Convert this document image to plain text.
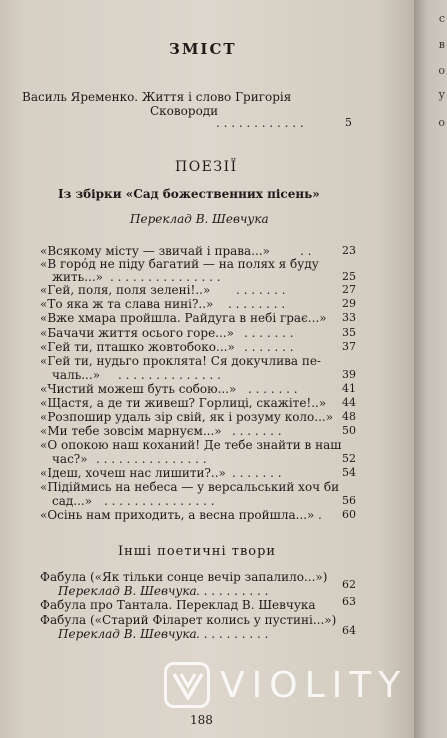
ЗМІСТ
Василь Яременко. Життя і слово Григорія
Сковороди
. . . . . . . . . . . .	5
ПОЕЗІЇ
Із збірки «Сад божественних пісень»
Переклад В. Шевчука
«Всякому місту — звичай і права...»	. .	23
«В горόд не піду багатий — на полях я буду
жить...» . . . . . . . . . . . . . . .	25
«Гей, поля, поля зелені!..» . . . . . . .	27
«То яка ж та слава нині?..» . . . . . . . .	29
«Вже хмара пройшла. Райдуга в небі грає...»	33
«Бачачи життя осього горе...» . . . . . . .	35
«Гей ти, пташко жовтобоко...» . . . . . . .	37
«Гей ти, нудьго проклята! Ся докучлива пе-
чаль...» . . . . . . . . . . . . . .	39
«Чистий можеш буть собою...» . . . . . . .	41
«Щастя, а де ти живеш? Горлиці, скажіте!..»	44
«Розпошир удаль зір свій, як і розуму коло...» 48
«Ми тебе зовсім марнуєм...» . . . . . . .	50
«О опокою наш коханий! Де тебе знайти в наш
час?» . . . . . . . . . . . . . . .	52
«Ідеш, хочеш нас лишити?..» . . . . . . .	54
«Підіймись на небеса — у версальський хоч би
сад...» . . . . . . . . . . . . . . .	56
«Осінь нам приходить, а весна пройшла...» .	60
Інші поетичні твори
Фабула («Як тільки сонце вечір запалило...»)
Переклад В. Шевчука . . . . . . . . . .	62
Фабула про Тантала. Переклад В. Шевчука	63
Фабула («Старий Філарет колись у пустині...»)
Переклад В. Шевчука . . . . . . . . . .	64
188
VIOLITY
с
в
о
у
о
